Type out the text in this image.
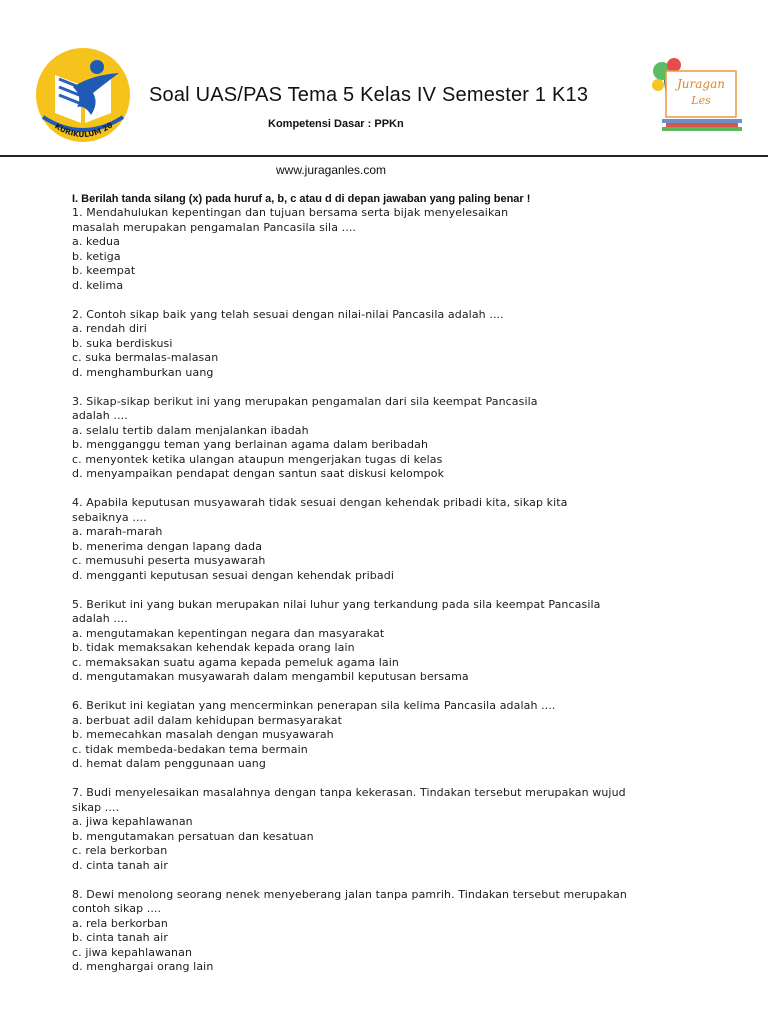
KURIKULUM 20
Soal UAS/PAS Tema 5 Kelas IV Semester 1 K13
Kompetensi Dasar : PPKn
Juragan
Les
www.juraganles.com
I. Berilah tanda silang (x) pada huruf a, b, c atau d di depan jawaban yang paling benar !
1. Mendahulukan kepentingan dan tujuan bersama serta bijak menyelesaikan
masalah merupakan pengamalan Pancasila sila ....
a. kedua
b. ketiga
b. keempat
d. kelima
2. Contoh sikap baik yang telah sesuai dengan nilai-nilai Pancasila adalah ....
a. rendah diri
b. suka berdiskusi
c. suka bermalas-malasan
d. menghamburkan uang
3. Sikap-sikap berikut ini yang merupakan pengamalan dari sila keempat Pancasila
adalah ....
a. selalu tertib dalam menjalankan ibadah
b. mengganggu teman yang berlainan agama dalam beribadah
c. menyontek ketika ulangan ataupun mengerjakan tugas di kelas
d. menyampaikan pendapat dengan santun saat diskusi kelompok
4. Apabila keputusan musyawarah tidak sesuai dengan kehendak pribadi kita, sikap kita
sebaiknya ....
a. marah-marah
b. menerima dengan lapang dada
c. memusuhi peserta musyawarah
d. mengganti keputusan sesuai dengan kehendak pribadi
5. Berikut ini yang bukan merupakan nilai luhur yang terkandung pada sila keempat Pancasila
adalah ....
a. mengutamakan kepentingan negara dan masyarakat
b. tidak memaksakan kehendak kepada orang lain
c. memaksakan suatu agama kepada pemeluk agama lain
d. mengutamakan musyawarah dalam mengambil keputusan bersama
6. Berikut ini kegiatan yang mencerminkan penerapan sila kelima Pancasila adalah ....
a. berbuat adil dalam kehidupan bermasyarakat
b. memecahkan masalah dengan musyawarah
c. tidak membeda-bedakan tema bermain
d. hemat dalam penggunaan uang
7. Budi menyelesaikan masalahnya dengan tanpa kekerasan. Tindakan tersebut merupakan wujud
sikap ....
a. jiwa kepahlawanan
b. mengutamakan persatuan dan kesatuan
c. rela berkorban
d. cinta tanah air
8. Dewi menolong seorang nenek menyeberang jalan tanpa pamrih. Tindakan tersebut merupakan
contoh sikap ....
a. rela berkorban
b. cinta tanah air
c. jiwa kepahlawanan
d. menghargai orang lain
